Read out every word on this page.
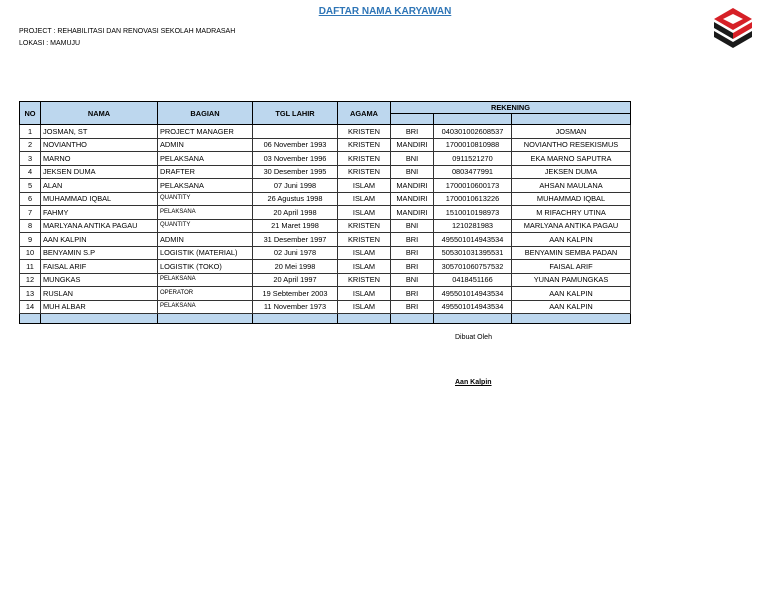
DAFTAR NAMA KARYAWAN
PROJECT : REHABILITASI DAN RENOVASI SEKOLAH MADRASAH
LOKASI : MAMUJU
NO	NAMA	BAGIAN	TGL LAHIR	AGAMA	REKENING		

1	JOSMAN, ST	PROJECT MANAGER		KRISTEN	BRI	040301002608537	JOSMAN
2	NOVIANTHO	ADMIN	06 November 1993	KRISTEN	MANDIRI	1700010810988	NOVIANTHO RESEKISMUS
3	MARNO	PELAKSANA	03 November 1996	KRISTEN	BNI	0911521270	EKA MARNO SAPUTRA
4	JEKSEN DUMA	DRAFTER	30 Desember 1995	KRISTEN	BNI	0803477991	JEKSEN DUMA
5	ALAN	PELAKSANA	07 Juni 1998	ISLAM	MANDIRI	1700010600173	AHSAN MAULANA
6	MUHAMMAD IQBAL	QUANTITY	26 Agustus 1998	ISLAM	MANDIRI	1700010613226	MUHAMMAD IQBAL
7	FAHMY	PELAKSANA	20 April 1998	ISLAM	MANDIRI	1510010198973	M RIFACHRY UTINA
8	MARLYANA ANTIKA PAGAU	QUANTITY	21 Maret 1998	KRISTEN	BNI	1210281983	MARLYANA ANTIKA PAGAU
9	AAN KALPIN	ADMIN	31 Desember 1997	KRISTEN	BRI	495501014943534	AAN KALPIN
10	BENYAMIN S.P	LOGISTIK (MATERIAL)	02 Juni 1978	ISLAM	BRI	505301031395531	BENYAMIN SEMBA PADAN
11	FAISAL ARIF	LOGISTIK (TOKO)	20 Mei 1998	ISLAM	BRI	305701060757532	FAISAL ARIF
12	MUNGKAS	PELAKSANA	20 April 1997	KRISTEN	BNI	0418451166	YUNAN PAMUNGKAS
13	RUSLAN	OPERATOR	19 Sebtember 2003	ISLAM	BRI	495501014943534	AAN KALPIN
14	MUH ALBAR	PELAKSANA	11 November 1973	ISLAM	BRI	495501014943534	AAN KALPIN

Dibuat Oleh
Aan Kalpin
